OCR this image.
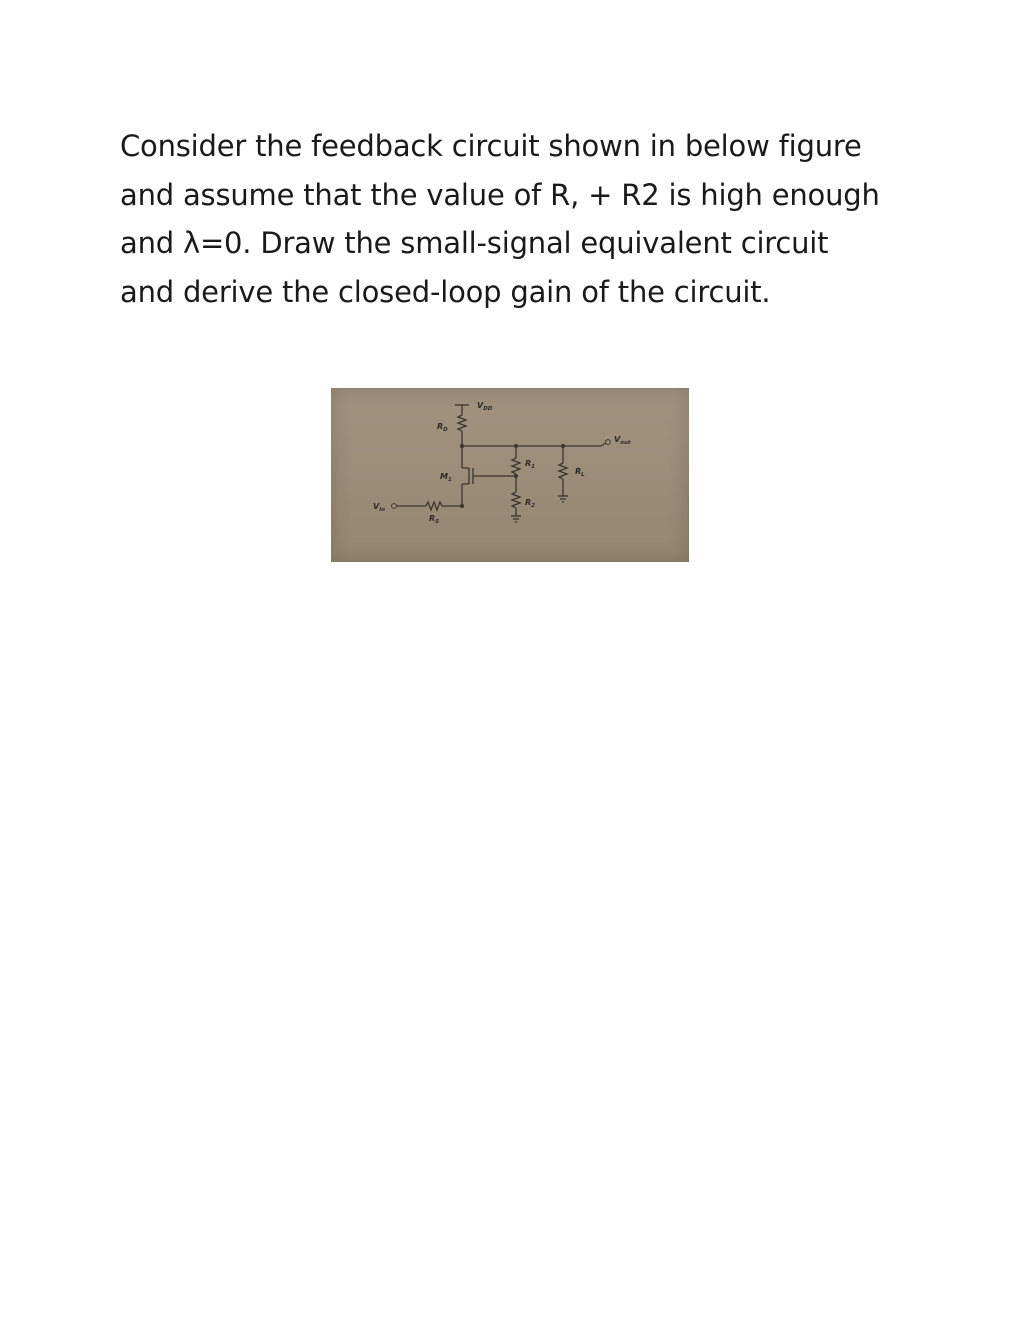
Consider the feedback circuit shown in below figure
and assume that the value of R, + R2 is high enough
and λ=0. Draw the small-signal equivalent circuit
and derive the closed-loop gain of the circuit.
$V_{DD}$
$R_D$
$M_1$
$R_1$
$R_2$
$R_L$
$V_{out}$
$V_{in}$
$R_S$
